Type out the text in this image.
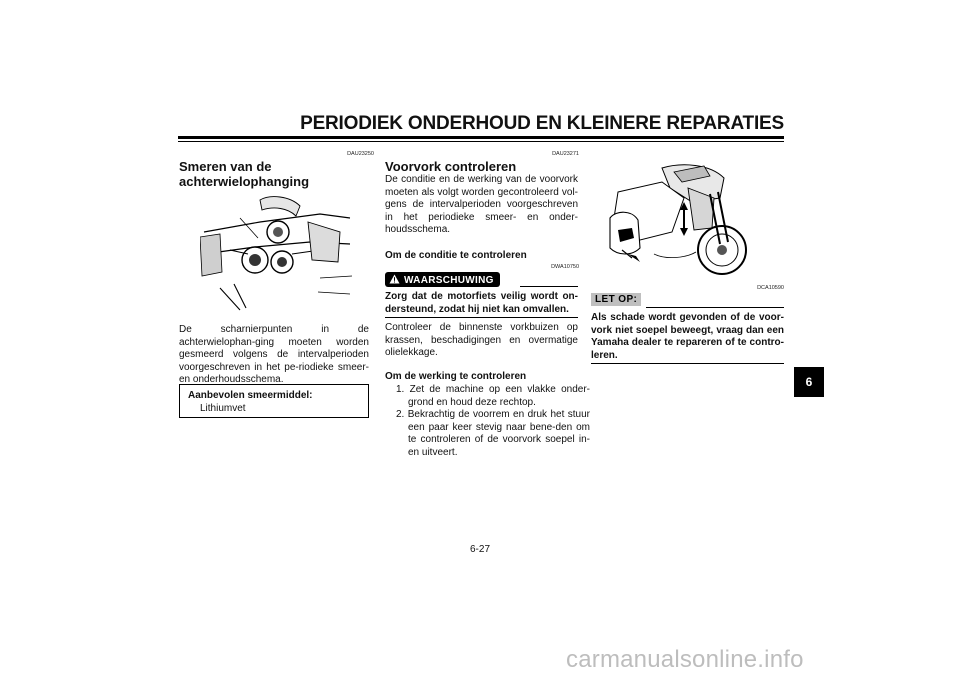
PERIODIEK ONDERHOUD EN KLEINERE REPARATIES
DAU23250
Smeren van de achterwielophanging
De scharnierpunten in de achterwielophan-ging moeten worden gesmeerd volgens de intervalperioden voorgeschreven in het pe-riodieke smeer- en onderhoudsschema.
Aanbevolen smeermiddel:
Lithiumvet
DAU23271
Voorvork controleren
De conditie en de werking van de voorvork moeten als volgt worden gecontroleerd vol-gens de intervalperioden voorgeschreven in het periodieke smeer- en onder-houdsschema.
Om de conditie te controleren
DWA10750
WAARSCHUWING
Zorg dat de motorfiets veilig wordt on-dersteund, zodat hij niet kan omvallen.
Controleer de binnenste vorkbuizen op krassen, beschadigingen en overmatige olielekkage.
Om de werking te controleren
1. Zet de machine op een vlakke onder-grond en houd deze rechtop.
2. Bekrachtig de voorrem en druk het stuur een paar keer stevig naar bene-den om te controleren of de voorvork soepel in- en uitveert.
DCA10590
LET OP:
Als schade wordt gevonden of de voor-vork niet soepel beweegt, vraag dan een Yamaha dealer te repareren of te contro-leren.
6
6-27
carmanualsonline.info
